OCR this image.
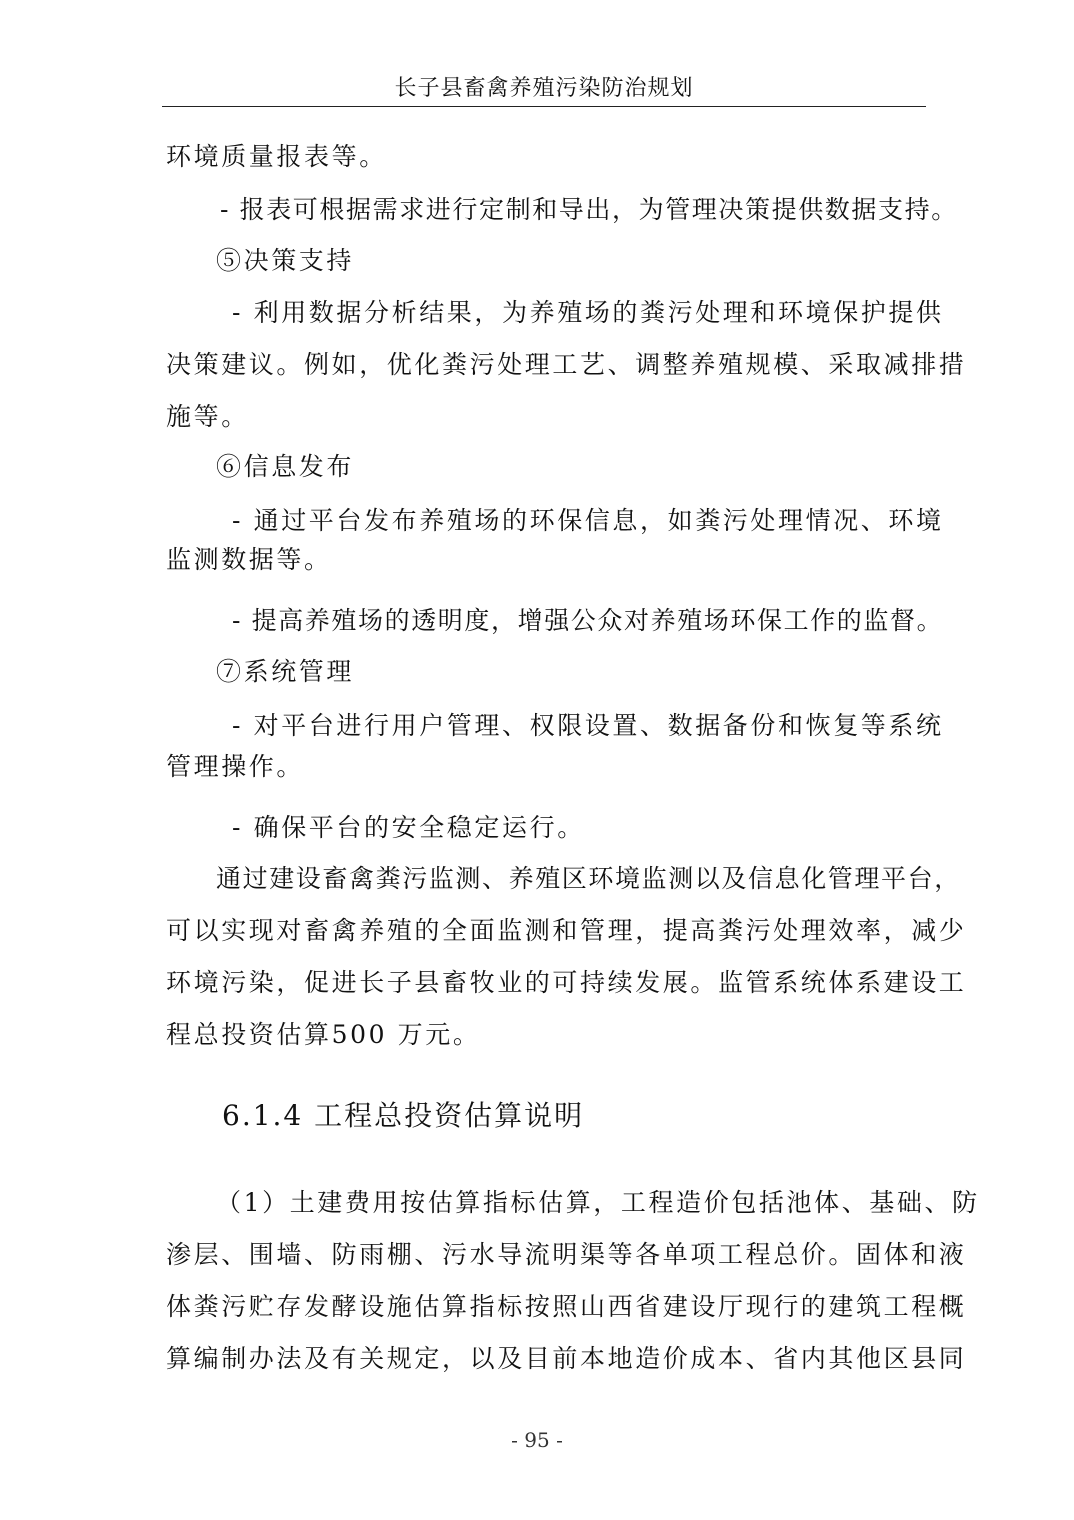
长子县畜禽养殖污染防治规划
环境质量报表等。
- 报表可根据需求进行定制和导出，为管理决策提供数据支持。
⑤决策支持
- 利用数据分析结果，为养殖场的粪污处理和环境保护提供
决策建议。例如，优化粪污处理工艺、调整养殖规模、采取减排措
施等。
⑥信息发布
- 通过平台发布养殖场的环保信息，如粪污处理情况、环境
监测数据等。
- 提高养殖场的透明度，增强公众对养殖场环保工作的监督。
⑦系统管理
- 对平台进行用户管理、权限设置、数据备份和恢复等系统
管理操作。
- 确保平台的安全稳定运行。
通过建设畜禽粪污监测、养殖区环境监测以及信息化管理平台，
可以实现对畜禽养殖的全面监测和管理，提高粪污处理效率，减少
环境污染，促进长子县畜牧业的可持续发展。监管系统体系建设工
程总投资估算500 万元。
6.1.4 工程总投资估算说明
（1）土建费用按估算指标估算，工程造价包括池体、基础、防
渗层、围墙、防雨棚、污水导流明渠等各单项工程总价。固体和液
体粪污贮存发酵设施估算指标按照山西省建设厅现行的建筑工程概
算编制办法及有关规定，以及目前本地造价成本、省内其他区县同
- 95 -
